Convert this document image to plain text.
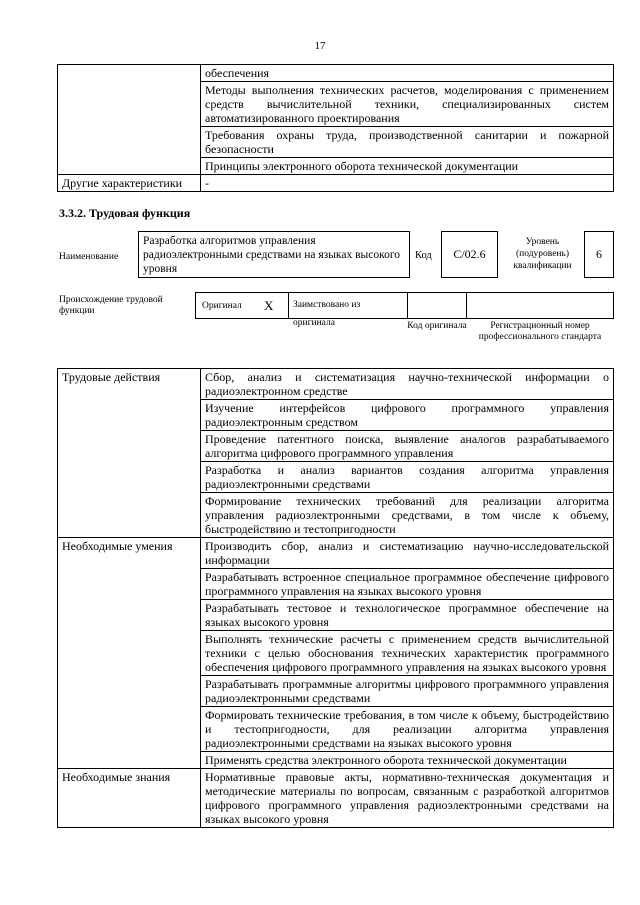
17
	обеспечения
	Методы выполнения технических расчетов, моделирования с применением средств вычислительной техники, специализированных систем автоматизированного проектирования
	Требования охраны труда, производственной санитарии и пожарной безопасности
	Принципы электронного оборота технической документации
Другие характеристики	-
3.3.2. Трудовая функция
Наименование
Разработка алгоритмов управления радиоэлектронными средствами на языках высокого уровня
Код C/02.6
Уровень (подуровень) квалификации
6
Происхождение трудовой функции	Оригинал X	Заимствовано из оригинала	Код оригинала	Регистрационный номер профессионального стандарта
Трудовые действия	Сбор, анализ и систематизация научно-технической информации о радиоэлектронном средстве
	Изучение интерфейсов цифрового программного управления радиоэлектронным средством
	Проведение патентного поиска, выявление аналогов разрабатываемого алгоритма цифрового программного управления
	Разработка и анализ вариантов создания алгоритма управления радиоэлектронными средствами
	Формирование технических требований для реализации алгоритма управления радиоэлектронными средствами, в том числе к объему, быстродействию и тестопригодности
Необходимые умения	Производить сбор, анализ и систематизацию научно-исследовательской информации
	Разрабатывать встроенное специальное программное обеспечение цифрового программного управления на языках высокого уровня
	Разрабатывать тестовое и технологическое программное обеспечение на языках высокого уровня
	Выполнять технические расчеты с применением средств вычислительной техники с целью обоснования технических характеристик программного обеспечения цифрового программного управления на языках высокого уровня
	Разрабатывать программные алгоритмы цифрового программного управления радиоэлектронными средствами
	Формировать технические требования, в том числе к объему, быстродействию и тестопригодности, для реализации алгоритма управления радиоэлектронными средствами на языках высокого уровня
	Применять средства электронного оборота технической документации
Необходимые знания	Нормативные правовые акты, нормативно-техническая документация и методические материалы по вопросам, связанным с разработкой алгоритмов цифрового программного управления радиоэлектронными средствами на языках высокого уровня
